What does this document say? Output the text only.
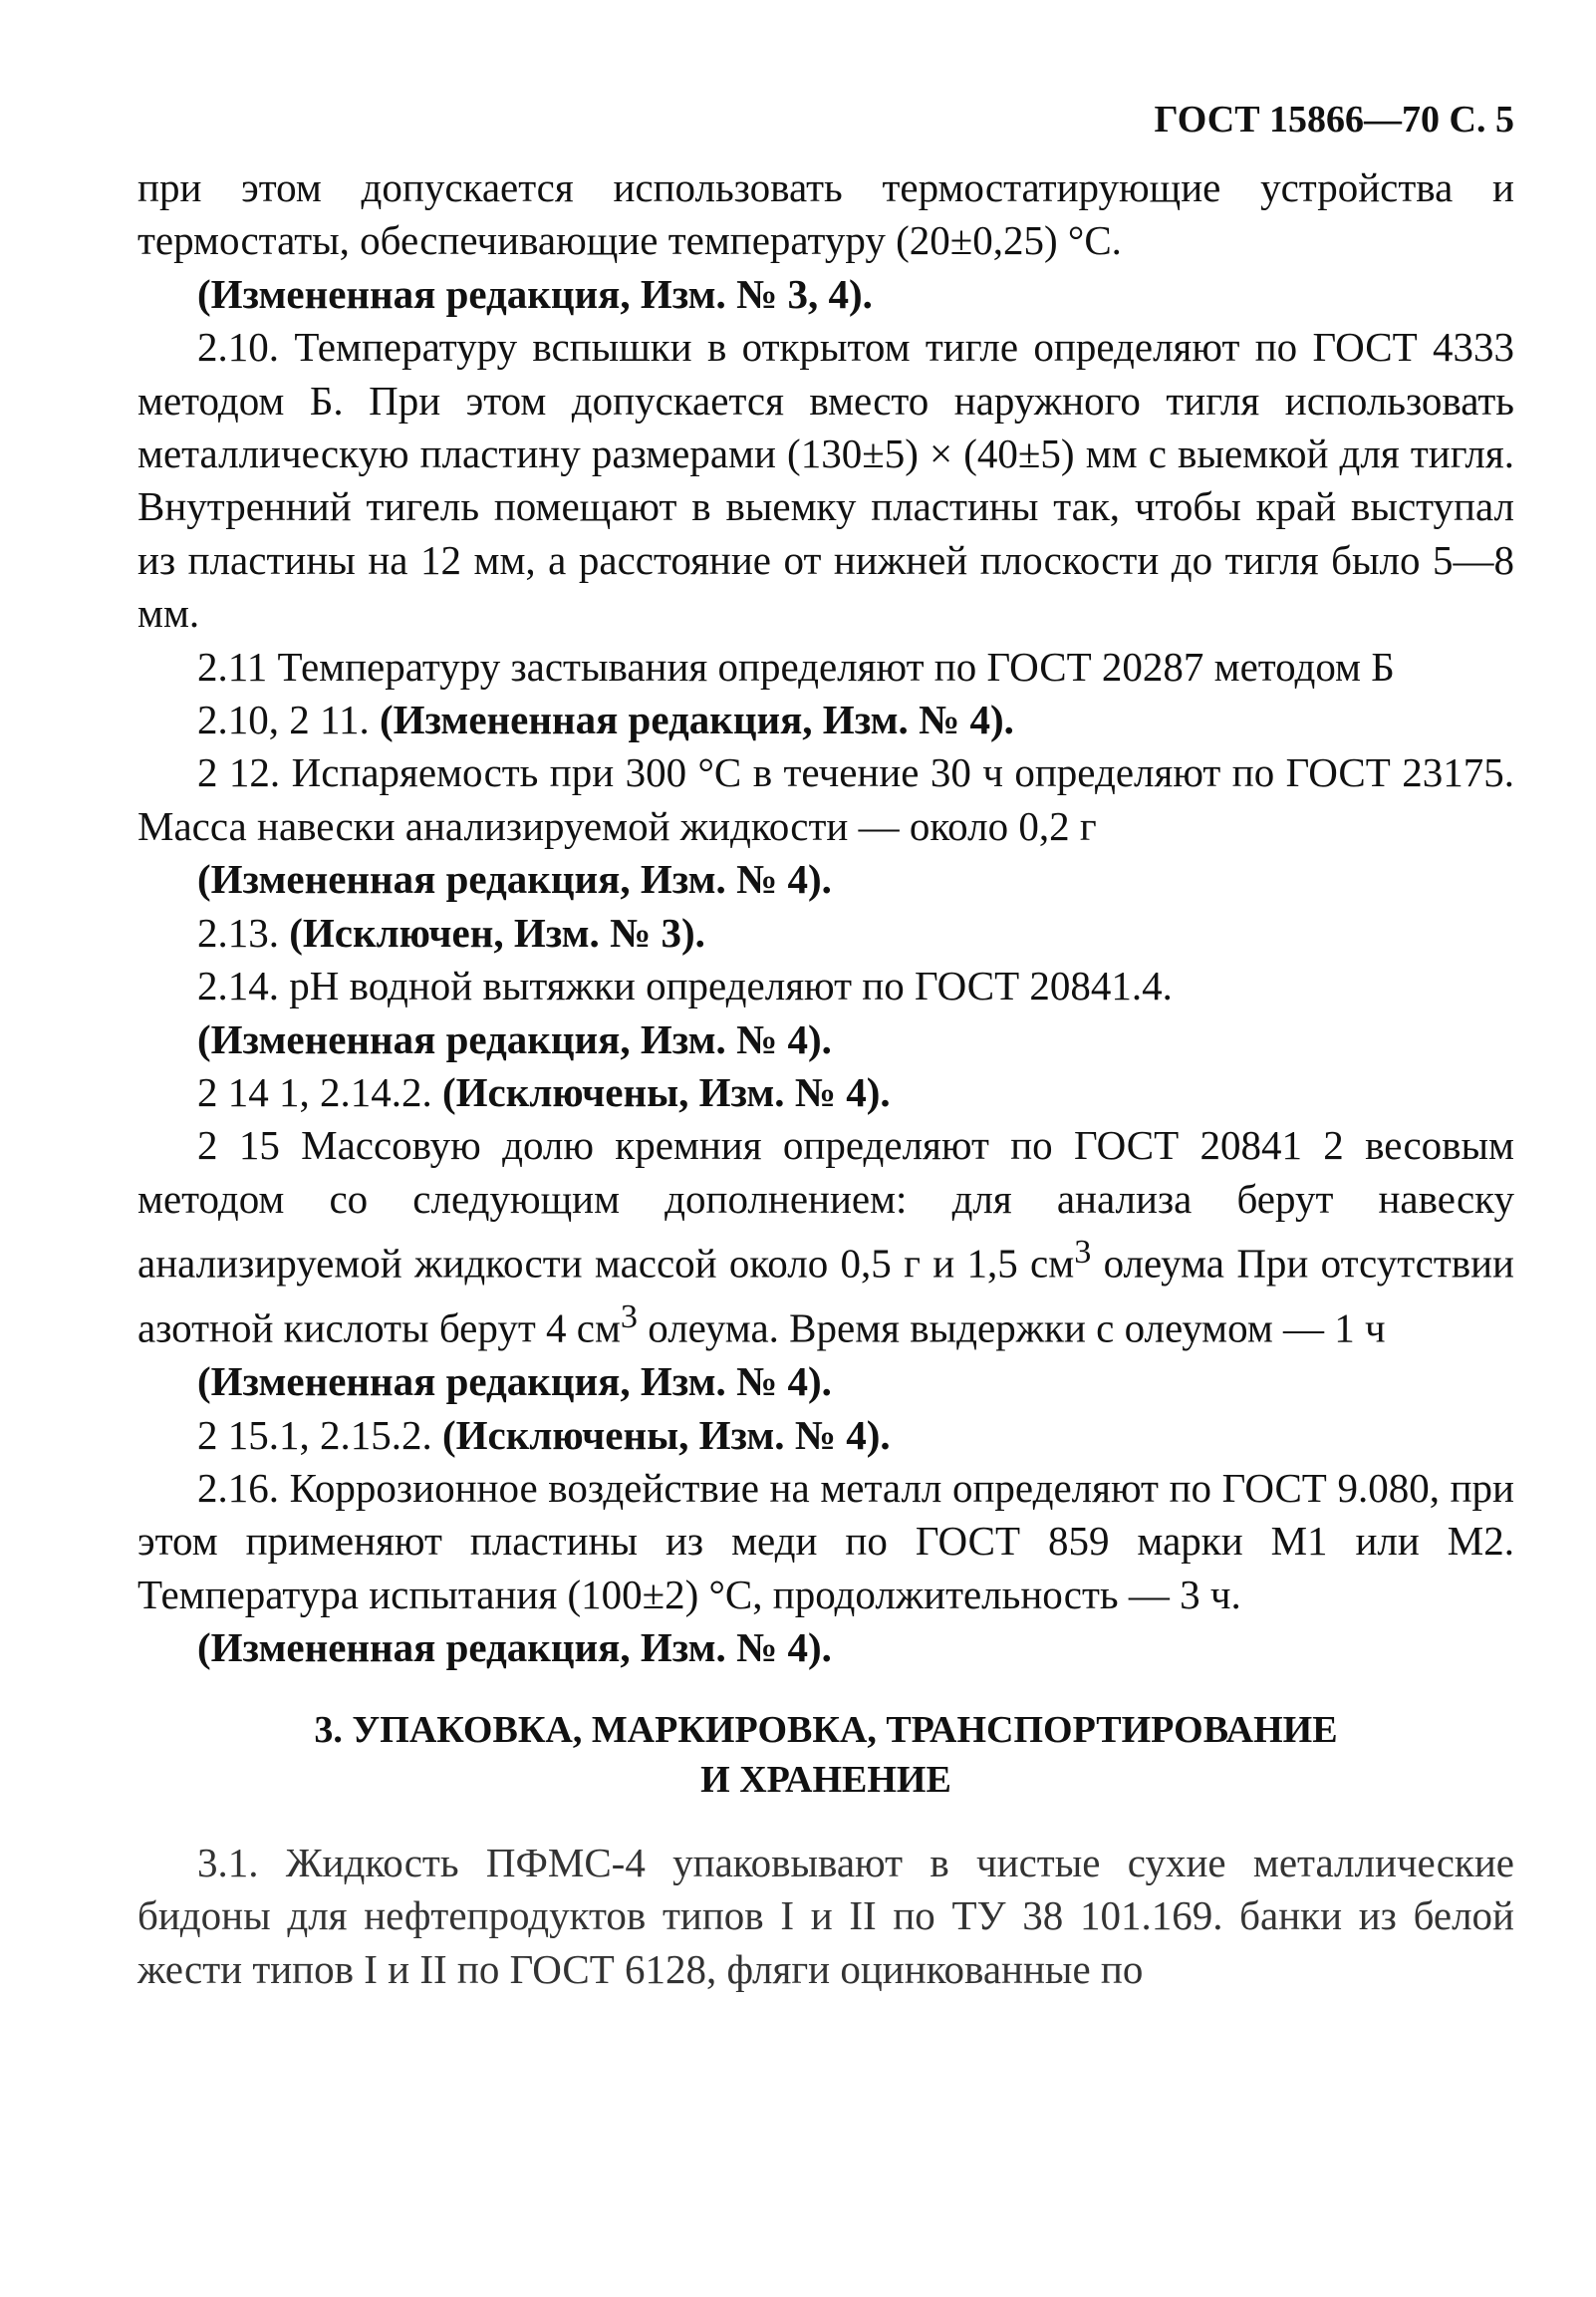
ГОСТ 15866—70 С. 5

при этом допускается использовать термостатирующие устройства и термостаты, обеспечивающие температуру (20±0,25) °С.

(Измененная редакция, Изм. № 3, 4).

2.10. Температуру вспышки в открытом тигле определяют по ГОСТ 4333 методом Б. При этом допускается вместо наружного тигля использовать металлическую пластину размерами (130±5) × (40±5) мм с выемкой для тигля. Внутренний тигель помещают в выемку пластины так, чтобы край выступал из пластины на 12 мм, а расстояние от нижней плоскости до тигля было 5—8 мм.

2.11 Температуру застывания определяют по ГОСТ 20287 методом Б

2.10, 2 11. (Измененная редакция, Изм. № 4).

2 12. Испаряемость при 300 °С в течение 30 ч определяют по ГОСТ 23175. Масса навески анализируемой жидкости — около 0,2 г

(Измененная редакция, Изм. № 4).

2.13. (Исключен, Изм. № 3).

2.14. рН водной вытяжки определяют по ГОСТ 20841.4.

(Измененная редакция, Изм. № 4).

2 14 1, 2.14.2. (Исключены, Изм. № 4).

2 15 Массовую долю кремния определяют по ГОСТ 20841 2 весовым методом со следующим дополнением: для анализа берут навеску анализируемой жидкости массой около 0,5 г и 1,5 $см^3$ олеума При отсутствии азотной кислоты берут 4 $см^3$ олеума. Время выдержки с олеумом — 1 ч

(Измененная редакция, Изм. № 4).

2 15.1, 2.15.2. (Исключены, Изм. № 4).

2.16. Коррозионное воздействие на металл определяют по ГОСТ 9.080, при этом применяют пластины из меди по ГОСТ 859 марки М1 или М2. Температура испытания (100±2) °С, продолжительность — 3 ч.

(Измененная редакция, Изм. № 4).

3. УПАКОВКА, МАРКИРОВКА, ТРАНСПОРТИРОВАНИЕ
И ХРАНЕНИЕ

3.1. Жидкость ПФМС-4 упаковывают в чистые сухие металлические бидоны для нефтепродуктов типов I и II по ТУ 38 101.169. банки из белой жести типов I и II по ГОСТ 6128, фляги оцинкованные по
